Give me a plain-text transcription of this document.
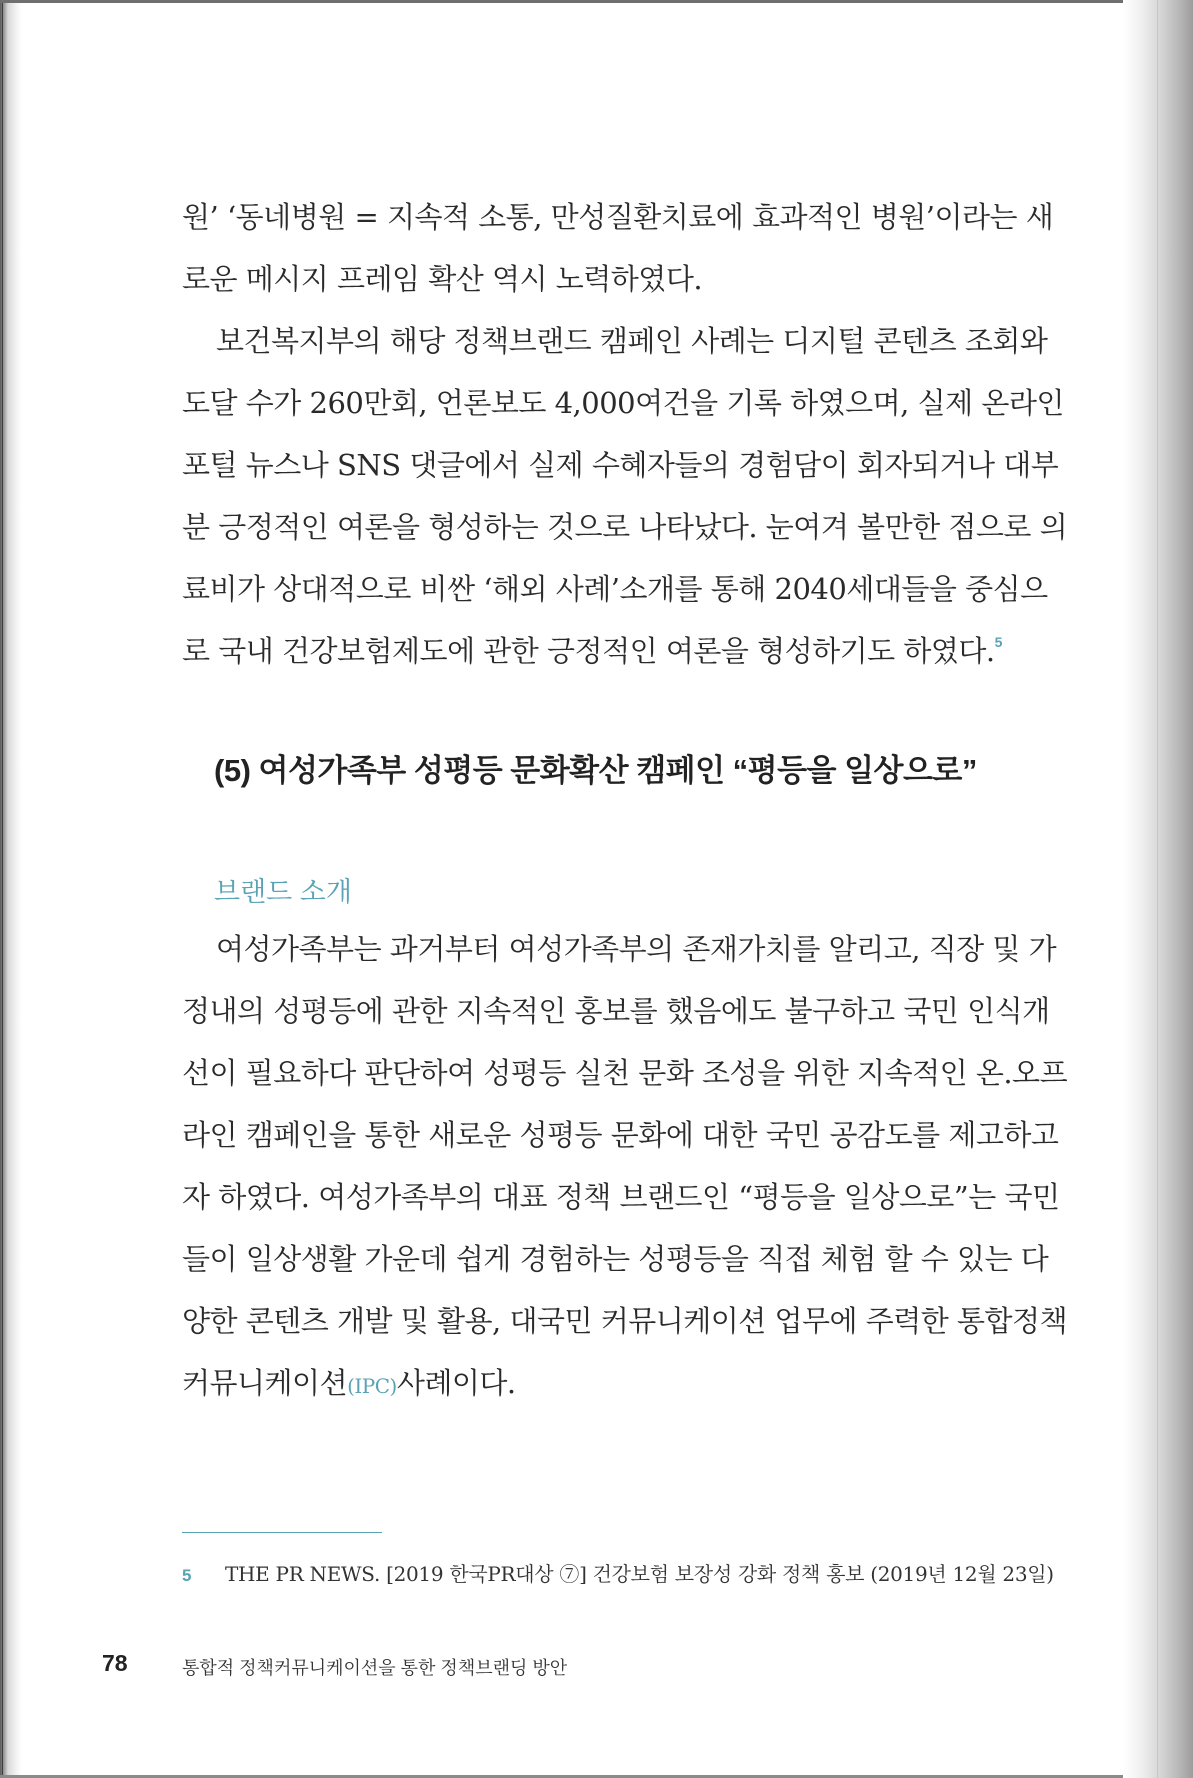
원’ ‘동네병원 = 지속적 소통, 만성질환치료에 효과적인 병원’이라는 새
로운 메시지 프레임 확산 역시 노력하였다.
보건복지부의 해당 정책브랜드 캠페인 사례는 디지털 콘텐츠 조회와
도달 수가 260만회, 언론보도 4,000여건을 기록 하였으며, 실제 온라인
포털 뉴스나 SNS 댓글에서 실제 수혜자들의 경험담이 회자되거나 대부
분 긍정적인 여론을 형성하는 것으로 나타났다. 눈여겨 볼만한 점으로 의
료비가 상대적으로 비싼 ‘해외 사례’소개를 통해 2040세대들을 중심으
로 국내 건강보험제도에 관한 긍정적인 여론을 형성하기도 하였다.$^5$
(5) 여성가족부 성평등 문화확산 캠페인 “평등을 일상으로”
브랜드 소개
여성가족부는 과거부터 여성가족부의 존재가치를 알리고, 직장 및 가
정내의 성평등에 관한 지속적인 홍보를 했음에도 불구하고 국민 인식개
선이 필요하다 판단하여 성평등 실천 문화 조성을 위한 지속적인 온.오프
라인 캠페인을 통한 새로운 성평등 문화에 대한 국민 공감도를 제고하고
자 하였다. 여성가족부의 대표 정책 브랜드인 “평등을 일상으로”는 국민
들이 일상생활 가운데 쉽게 경험하는 성평등을 직접 체험 할 수 있는 다
양한 콘텐츠 개발 및 활용, 대국민 커뮤니케이션 업무에 주력한 통합정책
커뮤니케이션(IPC)사례이다.
5 THE PR NEWS. [2019 한국PR대상 ⑦] 건강보험 보장성 강화 정책 홍보 (2019년 12월 23일)
78	통합적 정책커뮤니케이션을 통한 정책브랜딩 방안
